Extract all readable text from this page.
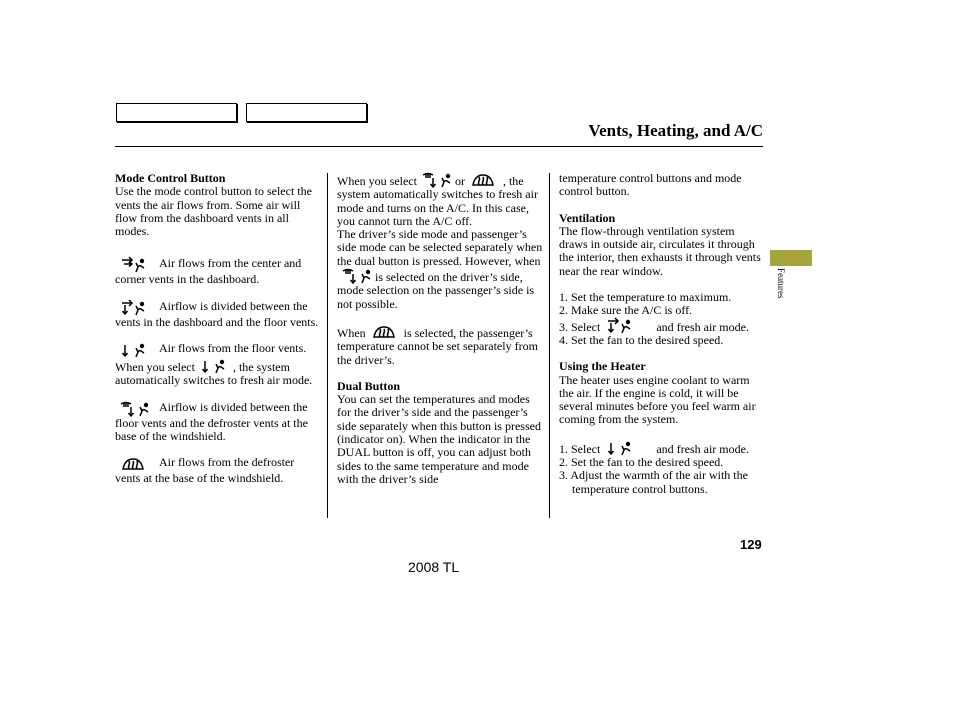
Vents, Heating, and A/C
Features

Mode Control Button

Use the mode control button to select the vents the air flows from. Some air will flow from the dashboard vents in all modes.

Air flows from the center and corner vents in the dashboard.

Airflow is divided between the vents in the dashboard and the floor vents.

Air flows from the floor vents. When you select	, the system automatically switches to fresh air mode.

Airflow is divided between the floor vents and the defroster vents at the base of the windshield.

Air flows from the defroster vents at the base of the windshield.

When you select	or	, the system automatically switches to fresh air mode and turns on the A/C. In this case, you cannot turn the A/C off.

The driver’s side mode and passenger’s side mode can be selected separately when the dual button is pressed. However, whenis selected on the driver’s side, mode selection on the passenger’s side is not possible.

When	is selected, the passenger’s temperature cannot be set separately from the driver’s.

Dual Button

You can set the temperatures and modes for the driver’s side and the passenger’s side separately when this button is pressed (indicator on). When the indicator in the DUAL button is off, you can adjust both sides to the same temperature and mode with the driver’s side

temperature control buttons and mode control button.

Ventilation

The flow-through ventilation system draws in outside air, circulates it through the interior, then exhausts it through vents near the rear window.

1. Set the temperature to maximum.

2. Make sure the A/C is off.

3. Select	and fresh air mode.

4. Set the fan to the desired speed.

Using the Heater

The heater uses engine coolant to warm the air. If the engine is cold, it will be several minutes before you feel warm air coming from the system.

1. Select	and fresh air mode.

2. Set the fan to the desired speed.

3. Adjust the warmth of the air with the temperature control buttons.

129
2008 TL
